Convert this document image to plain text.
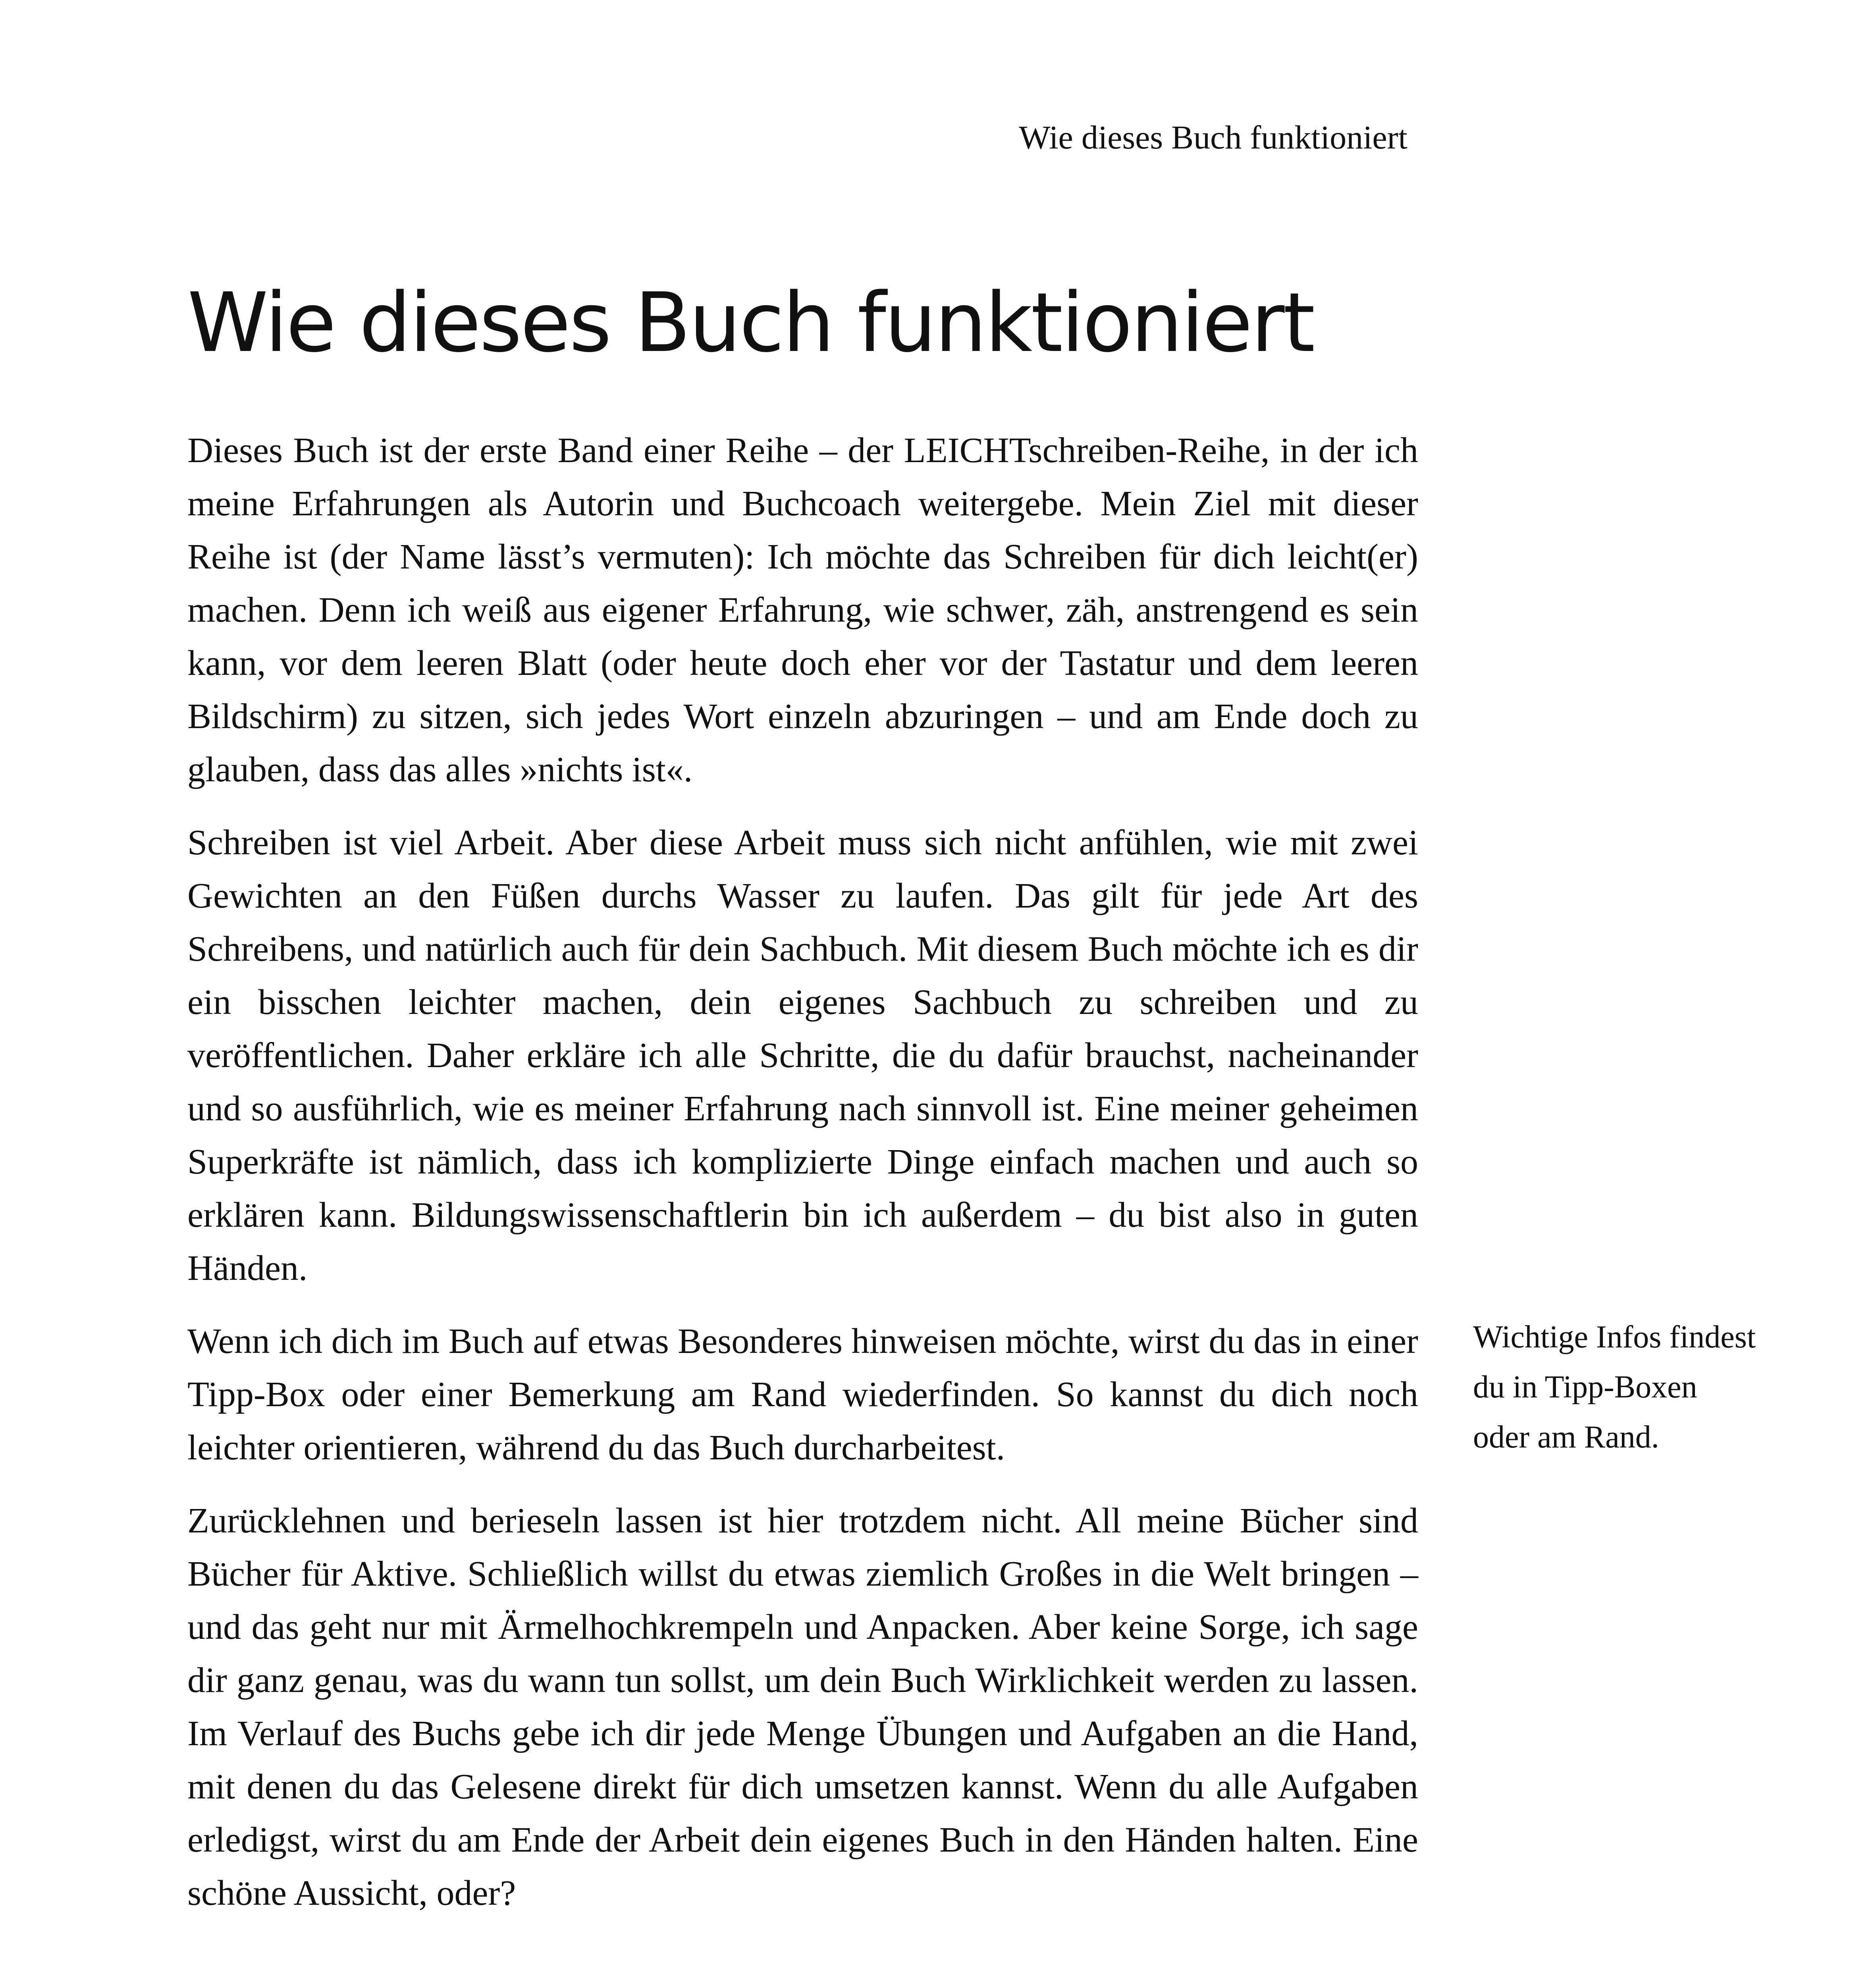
Wie dieses Buch funktioniert
Wie dieses Buch funktioniert

Dieses Buch ist der erste Band einer Reihe – der LEICHTschreiben-Reihe, in der ich meine Erfahrungen als Autorin und Buchcoach weitergebe. Mein Ziel mit dieser Reihe ist (der Name lässt’s vermuten): Ich möchte das Schreiben für dich leicht(er) machen. Denn ich weiß aus eigener Erfahrung, wie schwer, zäh, anstrengend es sein kann, vor dem leeren Blatt (oder heute doch eher vor der Tastatur und dem leeren Bildschirm) zu sitzen, sich jedes Wort einzeln abzuringen – und am Ende doch zu glauben, dass das alles »nichts ist«.

Schreiben ist viel Arbeit. Aber diese Arbeit muss sich nicht anfühlen, wie mit zwei Gewichten an den Füßen durchs Wasser zu laufen. Das gilt für jede Art des Schreibens, und natürlich auch für dein Sachbuch. Mit diesem Buch möchte ich es dir ein bisschen leichter machen, dein eigenes Sachbuch zu schreiben und zu veröffentlichen. Daher erkläre ich alle Schritte, die du dafür brauchst, nacheinander und so ausführlich, wie es meiner Erfahrung nach sinnvoll ist. Eine meiner geheimen Superkräfte ist nämlich, dass ich komplizierte Dinge einfach machen und auch so erklären kann. Bildungswissenschaftlerin bin ich außerdem – du bist also in guten Händen.

Wenn ich dich im Buch auf etwas Besonderes hinweisen möchte, wirst du das in einer Tipp-Box oder einer Bemerkung am Rand wiederfinden. So kannst du dich noch leichter orientieren, während du das Buch durcharbeitest.

Zurücklehnen und berieseln lassen ist hier trotzdem nicht. All meine Bücher sind Bücher für Aktive. Schließlich willst du etwas ziemlich Großes in die Welt bringen – und das geht nur mit Ärmelhochkrempeln und Anpacken. Aber keine Sorge, ich sage dir ganz genau, was du wann tun sollst, um dein Buch Wirklichkeit werden zu lassen. Im Verlauf des Buchs gebe ich dir jede Menge Übungen und Aufgaben an die Hand, mit denen du das Gelesene direkt für dich umsetzen kannst. Wenn du alle Aufgaben erledigst, wirst du am Ende der Arbeit dein eigenes Buch in den Händen halten. Eine schöne Aussicht, oder?

Wichtige Infos findest du in Tipp-Boxen oder am Rand.
